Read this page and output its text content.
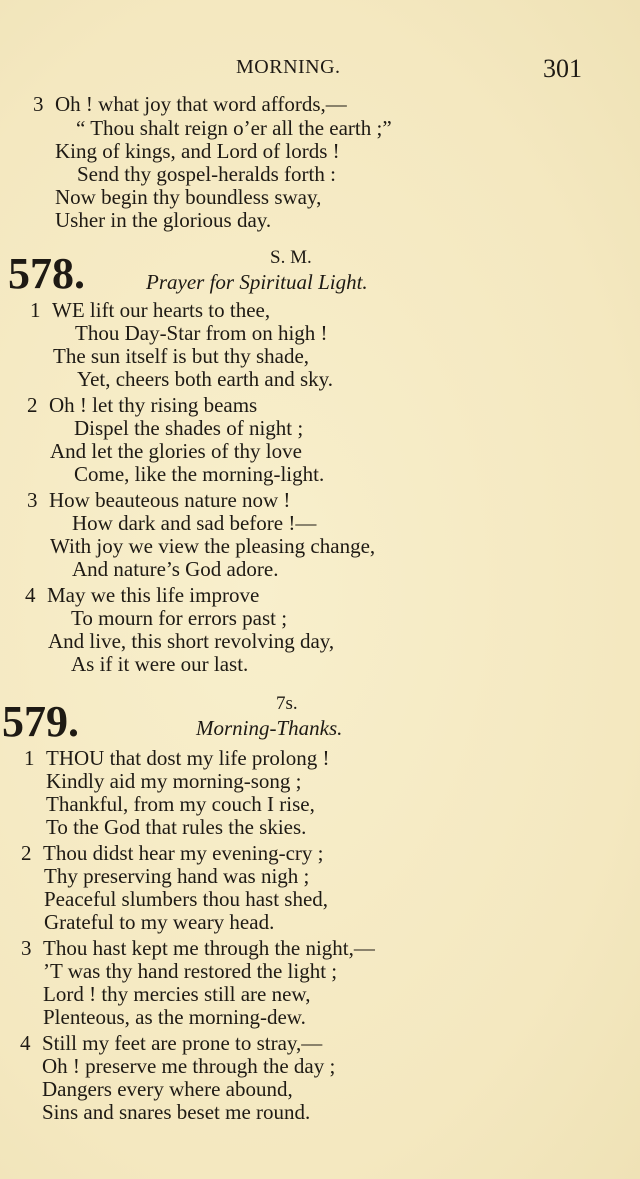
MORNING.	301
3 Oh ! what joy that word affords,—
“ Thou shalt reign o’er all the earth ;”
King of kings, and Lord of lords !
Send thy gospel-heralds forth :
Now begin thy boundless sway,
Usher in the glorious day.
578.	S. M.
Prayer for Spiritual Light.
1 WE lift our hearts to thee,
Thou Day-Star from on high !
The sun itself is but thy shade,
Yet, cheers both earth and sky.
2 Oh ! let thy rising beams
Dispel the shades of night ;
And let the glories of thy love
Come, like the morning-light.
3 How beauteous nature now !
How dark and sad before !—
With joy we view the pleasing change,
And nature’s God adore.
4 May we this life improve
To mourn for errors past ;
And live, this short revolving day,
As if it were our last.
579.	7s.
Morning-Thanks.
1 THOU that dost my life prolong !
Kindly aid my morning-song ;
Thankful, from my couch I rise,
To the God that rules the skies.
2 Thou didst hear my evening-cry ;
Thy preserving hand was nigh ;
Peaceful slumbers thou hast shed,
Grateful to my weary head.
3 Thou hast kept me through the night,—
’T was thy hand restored the light ;
Lord ! thy mercies still are new,
Plenteous, as the morning-dew.
4 Still my feet are prone to stray,—
Oh ! preserve me through the day ;
Dangers every where abound,
Sins and snares beset me round.
